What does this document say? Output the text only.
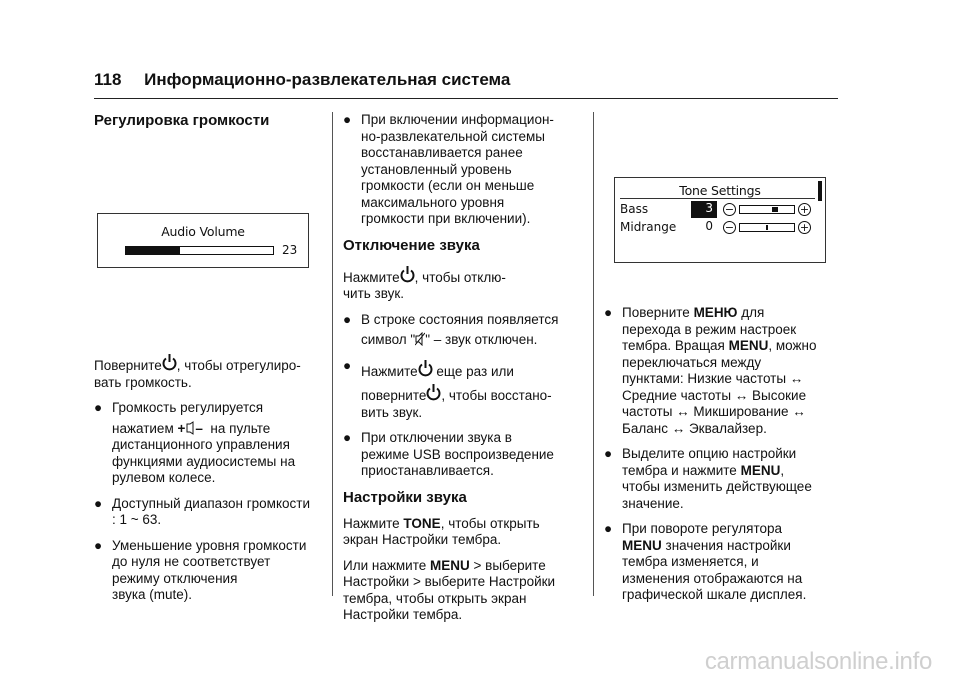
118 Информационно-развлекательная система
Регулировка громкости

Поверните , чтобы отрегулиро-
вать громкость.

● Громкость регулируется
нажатием + – на пульте
дистанционного управления
функциями аудиосистемы на
рулевом колесе.
● Доступный диапазон громкости
: 1 ~ 63.
● Уменьшение уровня громкости
до нуля не соответствует
режиму отключения
звука (mute).
Audio Volume
23
● При включении информацион-
но-развлекательной системы
восстанавливается ранее
установленный уровень
громкости (если он меньше
максимального уровня
громкости при включении).
Отключение звука

Нажмите , чтобы отклю-
чить звук.

● В строке состояния появляется
символ " " – звук отключен.
● Нажмите еще раз или
поверните , чтобы восстано-
вить звук.
● При отключении звука в
режиме USB воспроизведение
приостанавливается.
Настройки звука

Нажмите TONE, чтобы открыть
экран Настройки тембра.

Или нажмите MENU > выберите
Настройки > выберите Настройки
тембра, чтобы открыть экран
Настройки тембра.

Tone Settings
Bass	3	−	+
Midrange	0	−	+
● Поверните МЕНЮ для
перехода в режим настроек
тембра. Вращая MENU, можно
переключаться между
пунктами: Низкие частоты ↔
Средние частоты ↔ Высокие
частоты ↔ Микширование ↔
Баланс ↔ Эквалайзер.
● Выделите опцию настройки
тембра и нажмите MENU,
чтобы изменить действующее
значение.
● При повороте регулятора
MENU значения настройки
тембра изменяется, и
изменения отображаются на
графической шкале дисплея.
carmanualsonline.info
